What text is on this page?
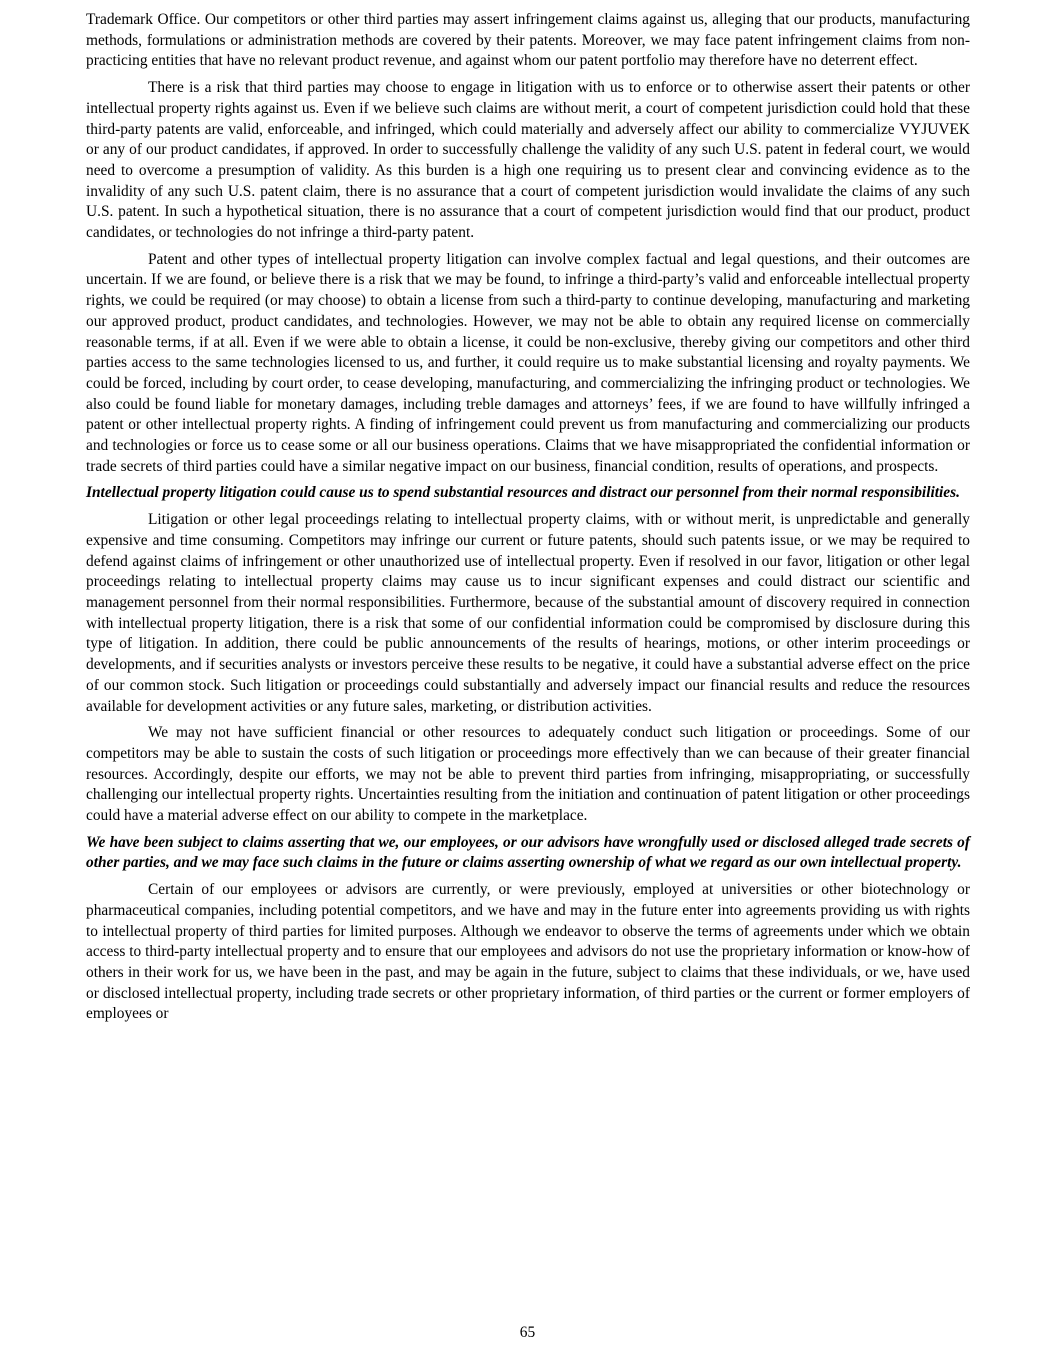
Trademark Office. Our competitors or other third parties may assert infringement claims against us, alleging that our products, manufacturing methods, formulations or administration methods are covered by their patents. Moreover, we may face patent infringement claims from non-practicing entities that have no relevant product revenue, and against whom our patent portfolio may therefore have no deterrent effect.

There is a risk that third parties may choose to engage in litigation with us to enforce or to otherwise assert their patents or other intellectual property rights against us. Even if we believe such claims are without merit, a court of competent jurisdiction could hold that these third-party patents are valid, enforceable, and infringed, which could materially and adversely affect our ability to commercialize VYJUVEK or any of our product candidates, if approved. In order to successfully challenge the validity of any such U.S. patent in federal court, we would need to overcome a presumption of validity. As this burden is a high one requiring us to present clear and convincing evidence as to the invalidity of any such U.S. patent claim, there is no assurance that a court of competent jurisdiction would invalidate the claims of any such U.S. patent. In such a hypothetical situation, there is no assurance that a court of competent jurisdiction would find that our product, product candidates, or technologies do not infringe a third-party patent.

Patent and other types of intellectual property litigation can involve complex factual and legal questions, and their outcomes are uncertain. If we are found, or believe there is a risk that we may be found, to infringe a third-party’s valid and enforceable intellectual property rights, we could be required (or may choose) to obtain a license from such a third-party to continue developing, manufacturing and marketing our approved product, product candidates, and technologies. However, we may not be able to obtain any required license on commercially reasonable terms, if at all. Even if we were able to obtain a license, it could be non-exclusive, thereby giving our competitors and other third parties access to the same technologies licensed to us, and further, it could require us to make substantial licensing and royalty payments. We could be forced, including by court order, to cease developing, manufacturing, and commercializing the infringing product or technologies. We also could be found liable for monetary damages, including treble damages and attorneys’ fees, if we are found to have willfully infringed a patent or other intellectual property rights. A finding of infringement could prevent us from manufacturing and commercializing our products and technologies or force us to cease some or all our business operations. Claims that we have misappropriated the confidential information or trade secrets of third parties could have a similar negative impact on our business, financial condition, results of operations, and prospects.

Intellectual property litigation could cause us to spend substantial resources and distract our personnel from their normal responsibilities.

Litigation or other legal proceedings relating to intellectual property claims, with or without merit, is unpredictable and generally expensive and time consuming. Competitors may infringe our current or future patents, should such patents issue, or we may be required to defend against claims of infringement or other unauthorized use of intellectual property. Even if resolved in our favor, litigation or other legal proceedings relating to intellectual property claims may cause us to incur significant expenses and could distract our scientific and management personnel from their normal responsibilities. Furthermore, because of the substantial amount of discovery required in connection with intellectual property litigation, there is a risk that some of our confidential information could be compromised by disclosure during this type of litigation. In addition, there could be public announcements of the results of hearings, motions, or other interim proceedings or developments, and if securities analysts or investors perceive these results to be negative, it could have a substantial adverse effect on the price of our common stock. Such litigation or proceedings could substantially and adversely impact our financial results and reduce the resources available for development activities or any future sales, marketing, or distribution activities.

We may not have sufficient financial or other resources to adequately conduct such litigation or proceedings. Some of our competitors may be able to sustain the costs of such litigation or proceedings more effectively than we can because of their greater financial resources. Accordingly, despite our efforts, we may not be able to prevent third parties from infringing, misappropriating, or successfully challenging our intellectual property rights. Uncertainties resulting from the initiation and continuation of patent litigation or other proceedings could have a material adverse effect on our ability to compete in the marketplace.

We have been subject to claims asserting that we, our employees, or our advisors have wrongfully used or disclosed alleged trade secrets of other parties, and we may face such claims in the future or claims asserting ownership of what we regard as our own intellectual property.

Certain of our employees or advisors are currently, or were previously, employed at universities or other biotechnology or pharmaceutical companies, including potential competitors, and we have and may in the future enter into agreements providing us with rights to intellectual property of third parties for limited purposes. Although we endeavor to observe the terms of agreements under which we obtain access to third-party intellectual property and to ensure that our employees and advisors do not use the proprietary information or know-how of others in their work for us, we have been in the past, and may be again in the future, subject to claims that these individuals, or we, have used or disclosed intellectual property, including trade secrets or other proprietary information, of third parties or the current or former employers of employees or

65
